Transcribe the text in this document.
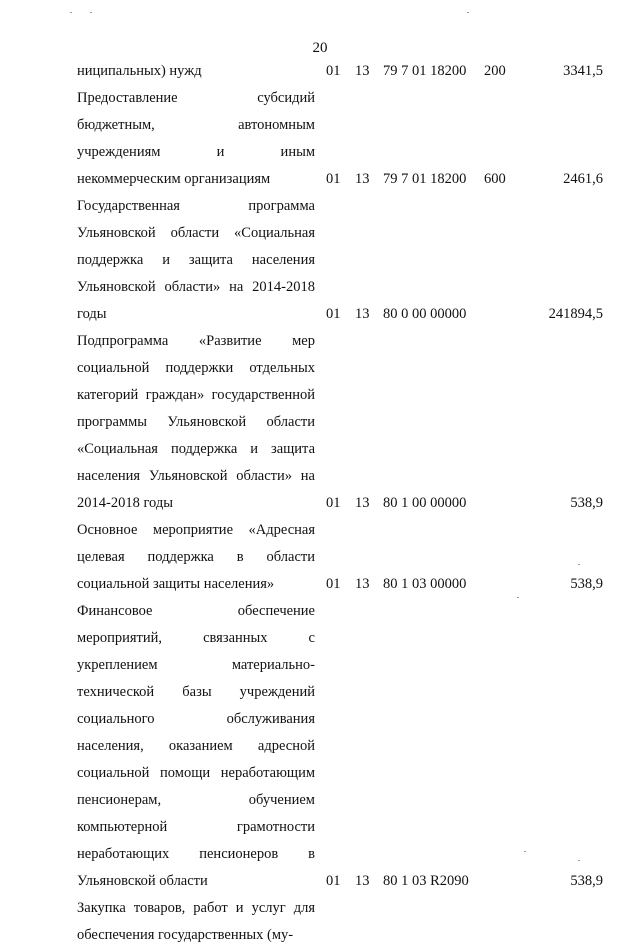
20
ниципальных) нужд	01 13 79 7 01 18200 200	3341,5
Предоставление субсидий бюджетным, автономным учреждениям и иным некоммерческим организациям	01 13 79 7 01 18200 600	2461,6
Государственная программа Ульяновской области «Социальная поддержка и защита населения Ульяновской области» на 2014-2018 годы	01 13 80 0 00 00000	241894,5
Подпрограмма «Развитие мер социальной поддержки отдельных категорий граждан» государственной программы Ульяновской области «Социальная поддержка и защита населения Ульяновской области» на 2014-2018 годы	01 13 80 1 00 00000	538,9
Основное мероприятие «Адресная целевая поддержка в области социальной защиты населения»	01 13 80 1 03 00000	538,9
Финансовое обеспечение мероприятий, связанных с укреплением материально-технической базы учреждений социального обслуживания населения, оказанием адресной социальной помощи неработающим пенсионерам, обучением компьютерной грамотности неработающих пенсионеров в Ульяновской области	01 13 80 1 03 R2090	538,9
Закупка товаров, работ и услуг для обеспечения государственных (му-
